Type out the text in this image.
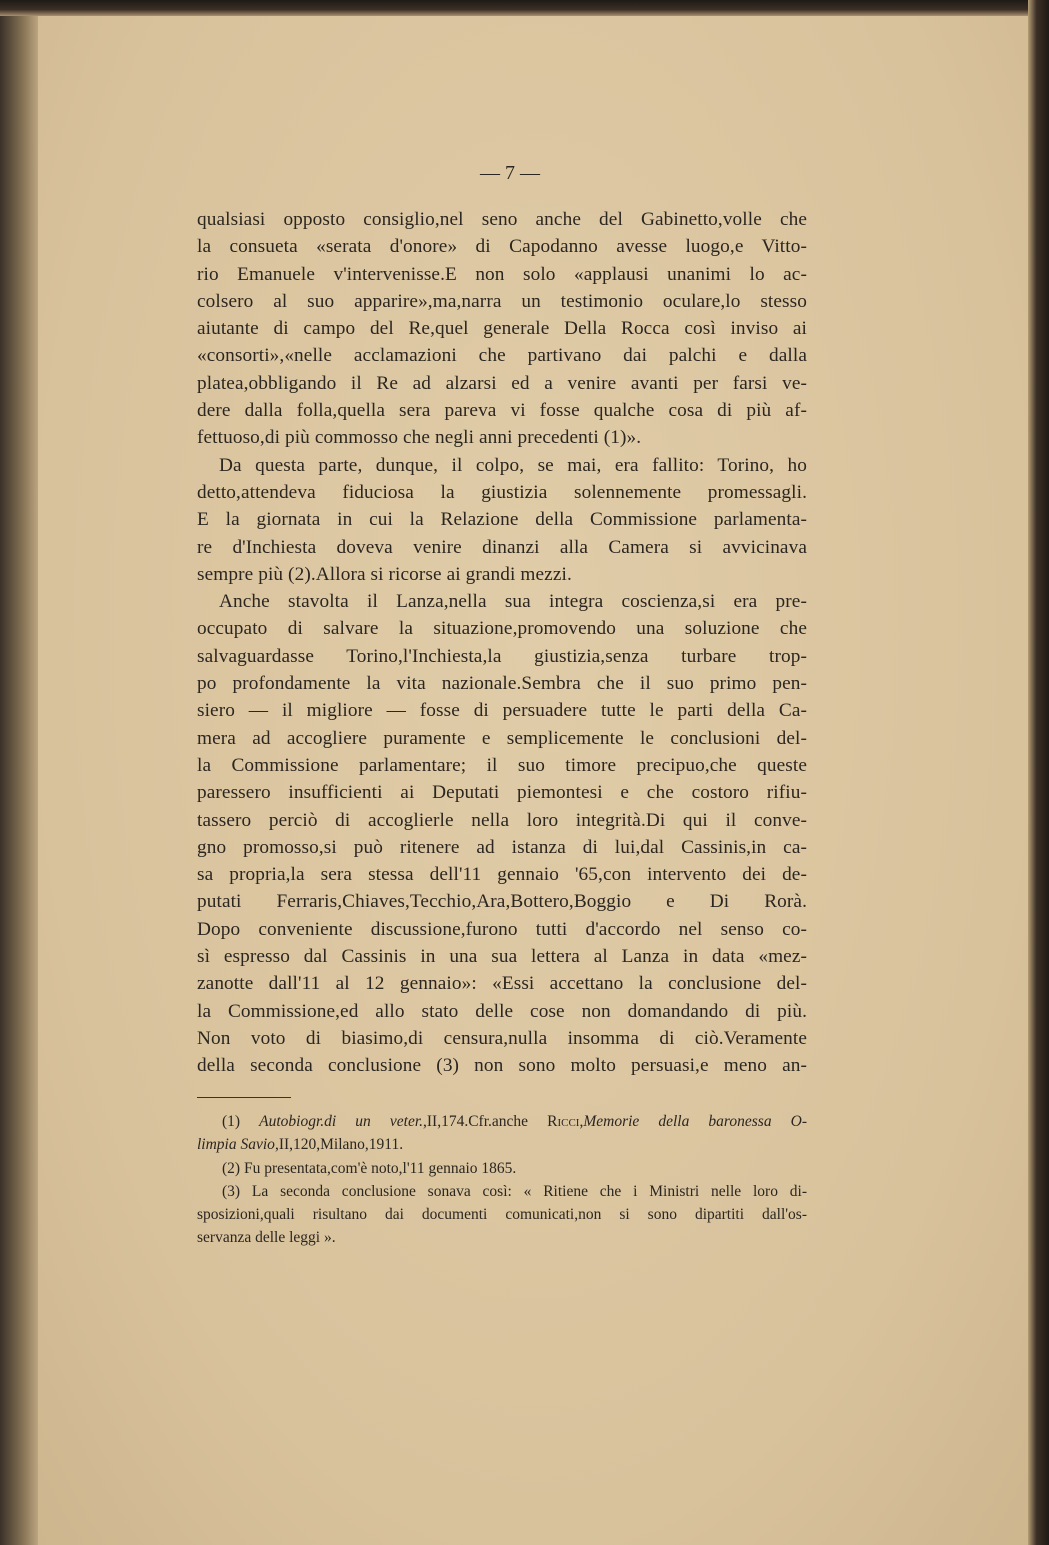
— 7 —
qualsiasi opposto consiglio,nel seno anche del Gabinetto,volle che
la consueta «serata d'onore» di Capodanno avesse luogo,e Vitto-
rio Emanuele v'intervenisse.E non solo «applausi unanimi lo ac-
colsero al suo apparire»,ma,narra un testimonio oculare,lo stesso
aiutante di campo del Re,quel generale Della Rocca così inviso ai
«consorti»,«nelle acclamazioni che partivano dai palchi e dalla
platea,obbligando il Re ad alzarsi ed a venire avanti per farsi ve-
dere dalla folla,quella sera pareva vi fosse qualche cosa di più af-
fettuoso,di più commosso che negli anni precedenti (1)».
Da questa parte, dunque, il colpo, se mai, era fallito: Torino, ho
detto,attendeva fiduciosa la giustizia solennemente promessagli.
E la giornata in cui la Relazione della Commissione parlamenta-
re d'Inchiesta doveva venire dinanzi alla Camera si avvicinava
sempre più (2).Allora si ricorse ai grandi mezzi.
Anche stavolta il Lanza,nella sua integra coscienza,si era pre-
occupato di salvare la situazione,promovendo una soluzione che
salvaguardasse Torino,l'Inchiesta,la giustizia,senza turbare trop-
po profondamente la vita nazionale.Sembra che il suo primo pen-
siero — il migliore — fosse di persuadere tutte le parti della Ca-
mera ad accogliere puramente e semplicemente le conclusioni del-
la Commissione parlamentare; il suo timore precipuo,che queste
paressero insufficienti ai Deputati piemontesi e che costoro rifiu-
tassero perciò di accoglierle nella loro integrità.Di qui il conve-
gno promosso,si può ritenere ad istanza di lui,dal Cassinis,in ca-
sa propria,la sera stessa dell'11 gennaio '65,con intervento dei de-
putati Ferraris,Chiaves,Tecchio,Ara,Bottero,Boggio e Di Rorà.
Dopo conveniente discussione,furono tutti d'accordo nel senso co-
sì espresso dal Cassinis in una sua lettera al Lanza in data «mez-
zanotte dall'11 al 12 gennaio»: «Essi accettano la conclusione del-
la Commissione,ed allo stato delle cose non domandando di più.
Non voto di biasimo,di censura,nulla insomma di ciò.Veramente
della seconda conclusione (3) non sono molto persuasi,e meno an-
(1) Autobiogr.di un veter.,II,174.Cfr.anche Ricci,Memorie della baronessa O-
limpia Savio,II,120,Milano,1911.
(2) Fu presentata,com'è noto,l'11 gennaio 1865.
(3) La seconda conclusione sonava così: « Ritiene che i Ministri nelle loro di-
sposizioni,quali risultano dai documenti comunicati,non si sono dipartiti dall'os-
servanza delle leggi ».
